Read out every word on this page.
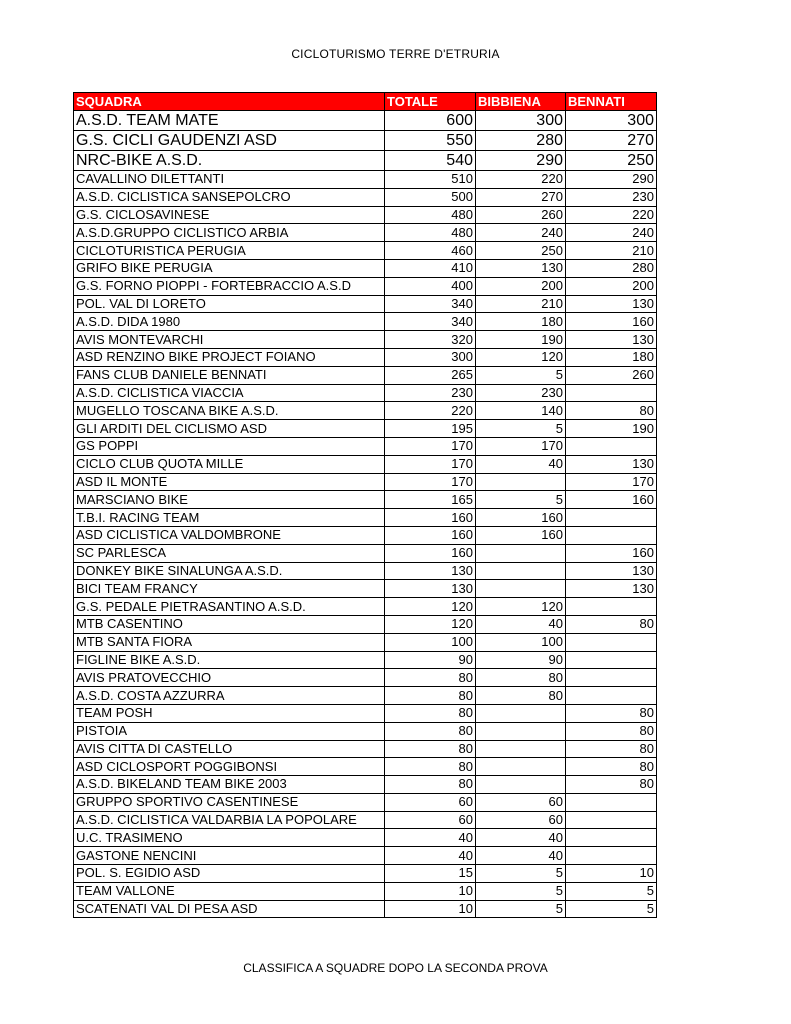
CICLOTURISMO TERRE D'ETRURIA
SQUADRA	TOTALE	BIBBIENA	BENNATI
A.S.D. TEAM MATE	600	300	300
G.S. CICLI GAUDENZI ASD	550	280	270
NRC-BIKE A.S.D.	540	290	250
CAVALLINO DILETTANTI	510	220	290
A.S.D. CICLISTICA SANSEPOLCRO	500	270	230
G.S. CICLOSAVINESE	480	260	220
A.S.D.GRUPPO CICLISTICO ARBIA	480	240	240
CICLOTURISTICA PERUGIA	460	250	210
GRIFO BIKE PERUGIA	410	130	280
G.S. FORNO PIOPPI - FORTEBRACCIO A.S.D	400	200	200
POL. VAL DI LORETO	340	210	130
A.S.D. DIDA 1980	340	180	160
AVIS MONTEVARCHI	320	190	130
ASD RENZINO BIKE PROJECT FOIANO	300	120	180
FANS CLUB DANIELE BENNATI	265	5	260
A.S.D. CICLISTICA VIACCIA	230	230	
MUGELLO TOSCANA BIKE A.S.D.	220	140	80
GLI ARDITI DEL CICLISMO ASD	195	5	190
GS POPPI	170	170	
CICLO CLUB QUOTA MILLE	170	40	130
ASD IL MONTE	170		170
MARSCIANO BIKE	165	5	160
T.B.I. RACING TEAM	160	160	
ASD CICLISTICA VALDOMBRONE	160	160	
SC PARLESCA	160		160
DONKEY BIKE SINALUNGA A.S.D.	130		130
BICI TEAM FRANCY	130		130
G.S. PEDALE PIETRASANTINO A.S.D.	120	120	
MTB CASENTINO	120	40	80
MTB SANTA FIORA	100	100	
FIGLINE BIKE A.S.D.	90	90	
AVIS PRATOVECCHIO	80	80	
A.S.D. COSTA AZZURRA	80	80	
TEAM POSH	80		80
PISTOIA	80		80
AVIS CITTA DI CASTELLO	80		80
ASD CICLOSPORT POGGIBONSI	80		80
A.S.D. BIKELAND TEAM BIKE 2003	80		80
GRUPPO SPORTIVO CASENTINESE	60	60	
A.S.D. CICLISTICA VALDARBIA LA POPOLARE	60	60	
U.C. TRASIMENO	40	40	
GASTONE NENCINI	40	40	
POL. S. EGIDIO ASD	15	5	10
TEAM VALLONE	10	5	5
SCATENATI VAL DI PESA ASD	10	5	5
CLASSIFICA A SQUADRE DOPO LA SECONDA PROVA
